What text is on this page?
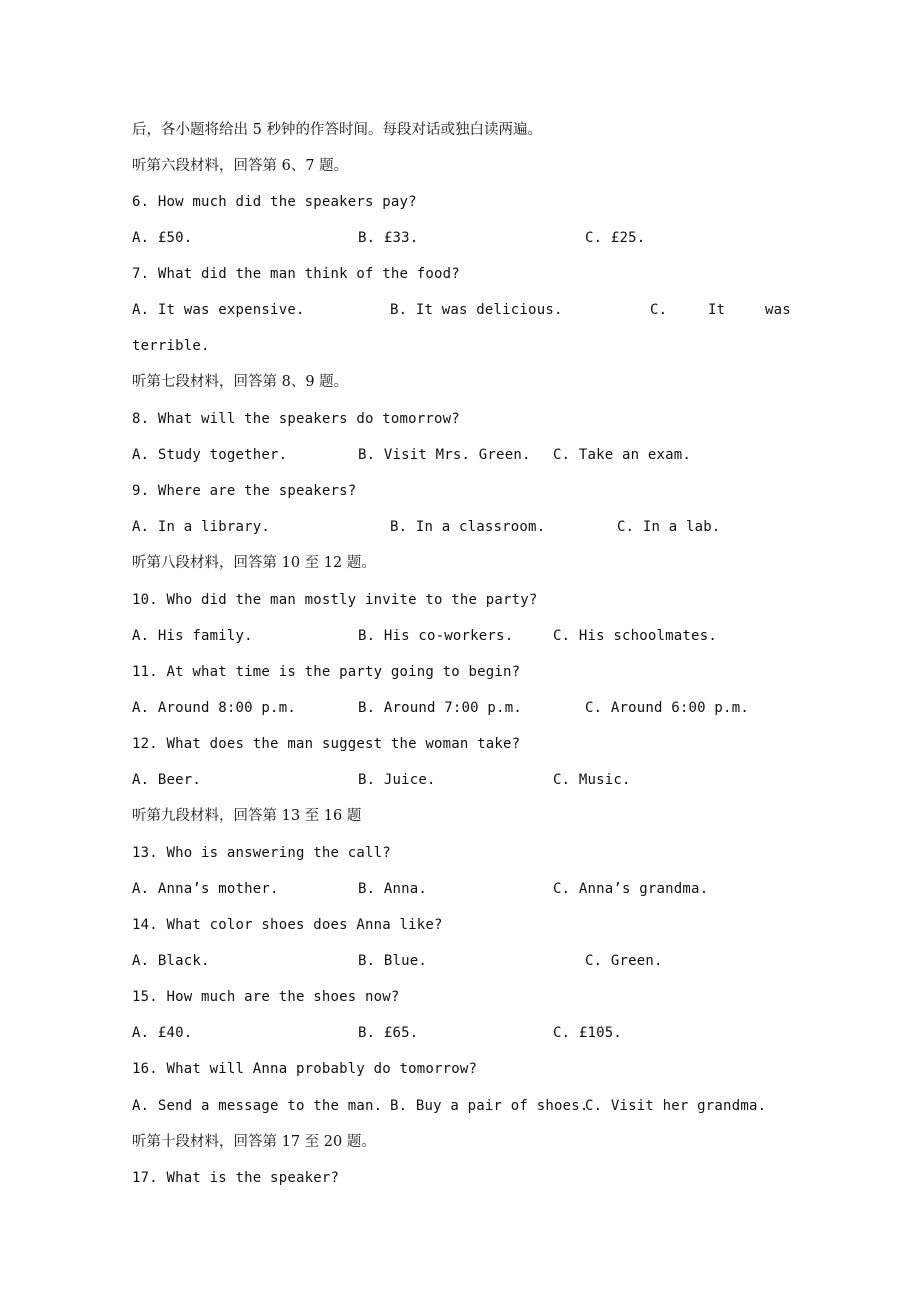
后，各小题将给出 5 秒钟的作答时间。每段对话或独白读两遍。
听第六段材料，回答第 6、7 题。
6. How much did the speakers pay?
A. £50.	B. £33.	C. £25.
7. What did the man think of the food?
A. It was expensive.	B. It was delicious.	C.	It	was
terrible.
听第七段材料，回答第 8、9 题。
8. What will the speakers do tomorrow?
A. Study together.	B. Visit Mrs. Green. C. Take an exam.
9. Where are the speakers?
A. In a library.	B. In a classroom.	C. In a lab.
听第八段材料，回答第 10 至 12 题。
10. Who did the man mostly invite to the party?
A. His family.	B. His co-workers.	C. His schoolmates.
11. At what time is the party going to begin?
A. Around 8:00 p.m.	B. Around 7:00 p.m.	C. Around 6:00 p.m.
12. What does the man suggest the woman take?
A. Beer.	B. Juice.	C. Music.
听第九段材料，回答第 13 至 16 题
13. Who is answering the call?
A. Anna’s mother.	B. Anna.	C. Anna’s grandma.
14. What color shoes does Anna like?
A. Black.	B. Blue.	C. Green.
15. How much are the shoes now?
A. £40.	B. £65.	C. £105.
16. What will Anna probably do tomorrow?
A. Send a message to the man. B. Buy a pair of shoes.
C. Visit her grandma.
听第十段材料，回答第 17 至 20 题。
17. What is the speaker?
